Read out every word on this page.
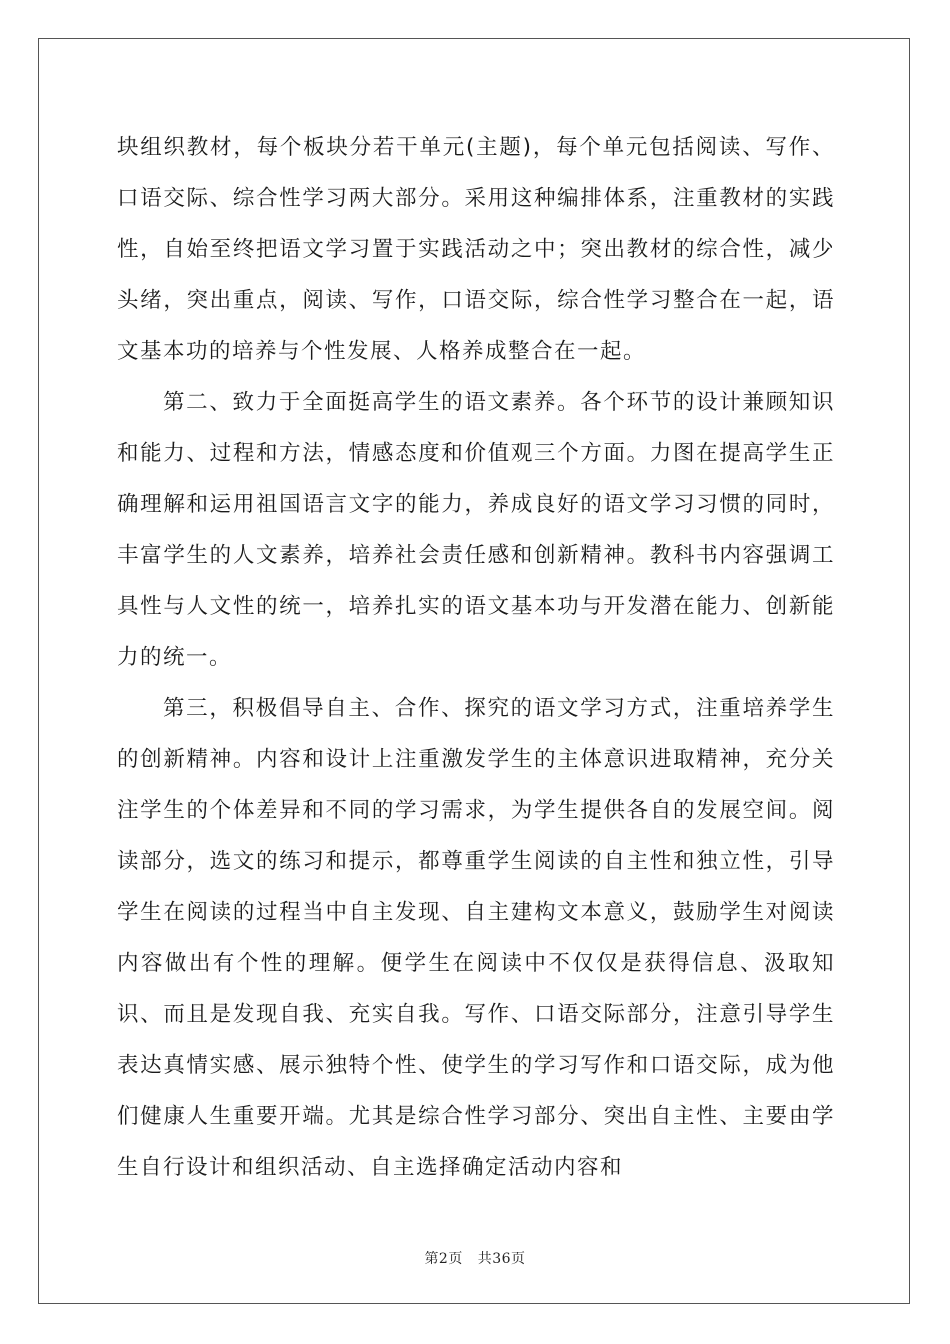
块组织教材，每个板块分若干单元(主题)，每个单元包括阅读、写作、口语交际、综合性学习两大部分。采用这种编排体系，注重教材的实践性，自始至终把语文学习置于实践活动之中；突出教材的综合性，减少头绪，突出重点，阅读、写作，口语交际，综合性学习整合在一起，语文基本功的培养与个性发展、人格养成整合在一起。

第二、致力于全面挺高学生的语文素养。各个环节的设计兼顾知识和能力、过程和方法，情感态度和价值观三个方面。力图在提高学生正确理解和运用祖国语言文字的能力，养成良好的语文学习习惯的同时，丰富学生的人文素养，培养社会责任感和创新精神。教科书内容强调工具性与人文性的统一，培养扎实的语文基本功与开发潜在能力、创新能力的统一。

第三，积极倡导自主、合作、探究的语文学习方式，注重培养学生的创新精神。内容和设计上注重激发学生的主体意识进取精神，充分关注学生的个体差异和不同的学习需求，为学生提供各自的发展空间。阅读部分，选文的练习和提示，都尊重学生阅读的自主性和独立性，引导学生在阅读的过程当中自主发现、自主建构文本意义，鼓励学生对阅读内容做出有个性的理解。便学生在阅读中不仅仅是获得信息、汲取知识、而且是发现自我、充实自我。写作、口语交际部分，注意引导学生表达真情实感、展示独特个性、使学生的学习写作和口语交际，成为他们健康人生重要开端。尤其是综合性学习部分、突出自主性、主要由学生自行设计和组织活动、自主选择确定活动内容和

第2页 共36页
